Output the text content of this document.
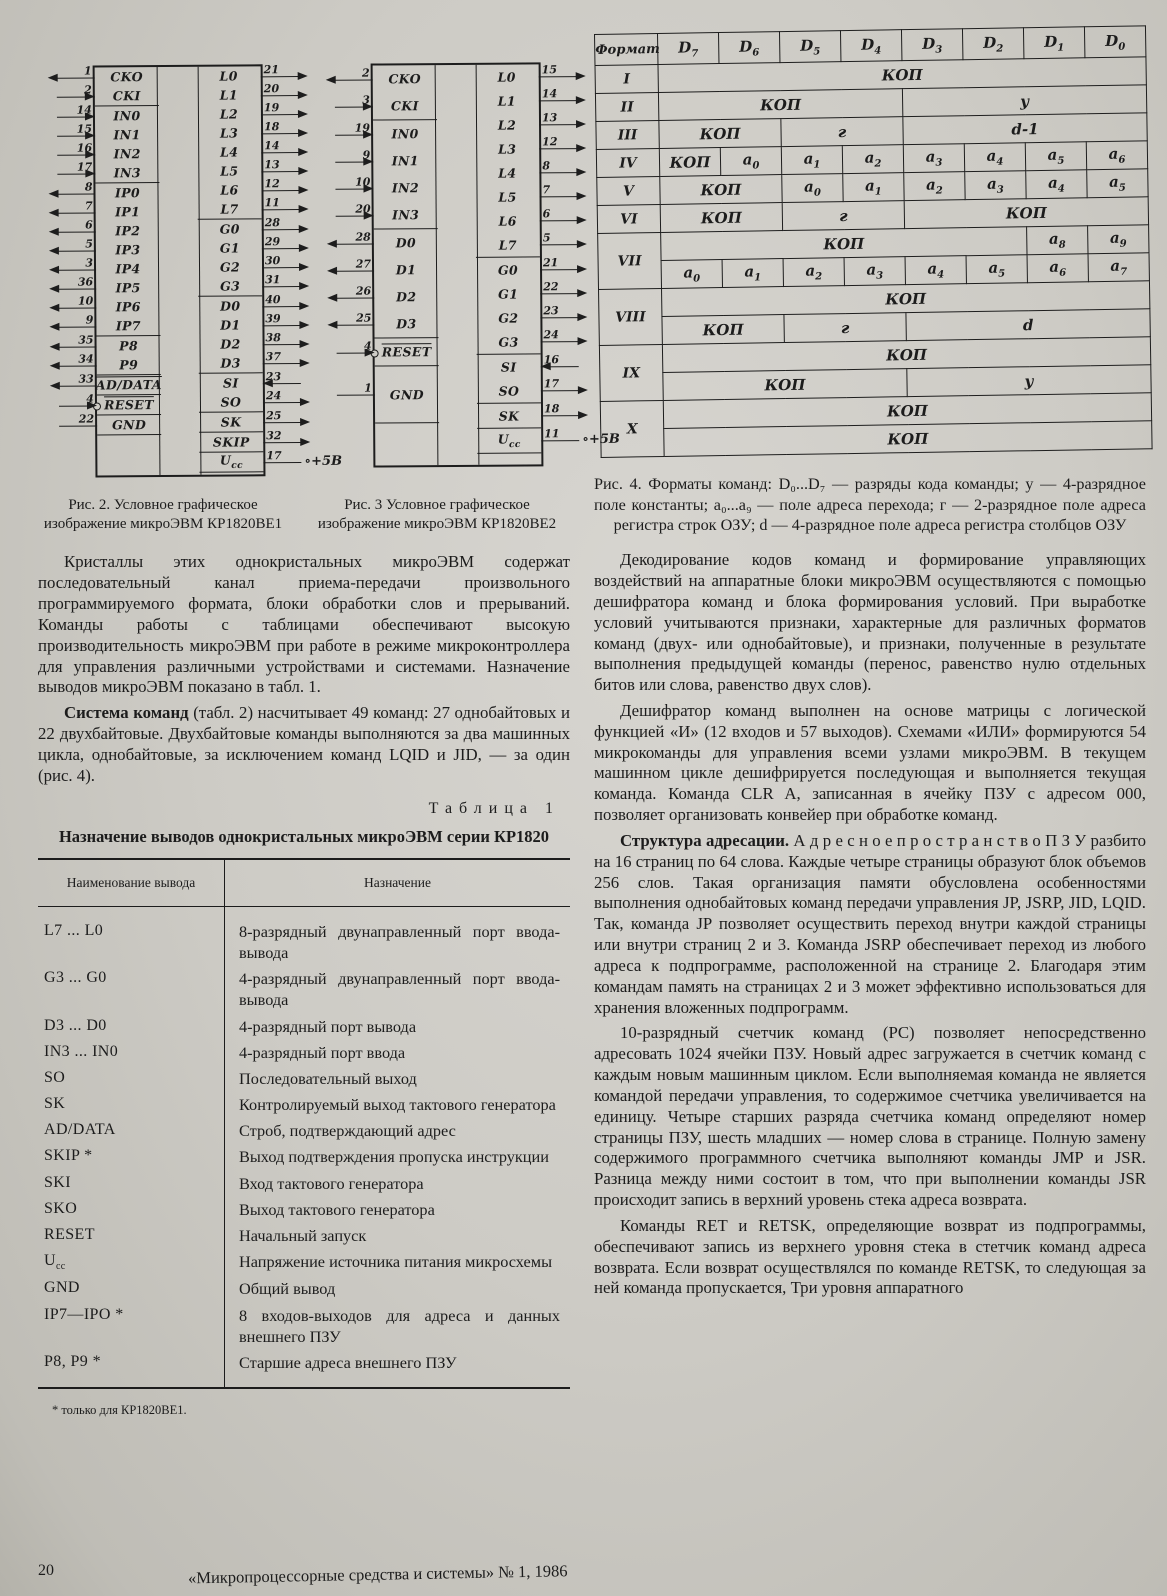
CKO
1
CKI
2
IN0
14
IN1
15
IN2
16
IN3
17
IP0
8
IP1
7
IP2
6
IP3
5
IP4
3
IP5
36
IP6
10
IP7
9
P8
35
P9
34
AD/DATA
33
RESET
4
GND
22
L0 21
L1 20
L2 19
L3 18
L4 14
L5 13
L6 12
L7 11
G0 28
G1 29
G2 30
G3 31
D0 40
D1 39
D2 38
D3 37
SI 23
SO 24
SK 25
SKIP 32
$U_{cc}$
17 ∘+5В
CKO
2
CKI
3
IN0
19
IN1
9
IN2
10
IN3
20
D0
28
D1
27
D2
26
D3
25
RESET
4
GND
1
L0 15
L1 14
L2 13
L3 12
L4 8
L5 7
L6 6
L7 5
G0 21
G1 22
G2 23
G3 24
SI 16
SO 17
SK 18
$U_{cc}$
11 ∘+5В
Рис. 2. Условное графическое изображение микроЭВМ КР1820ВЕ1
Рис. 3 Условное графическое изображение микроЭВМ КР1820ВЕ2

Кристаллы этих однокристальных микроЭВМ содержат последовательный канал приема-передачи произвольного программируемого формата, блоки обработки слов и прерываний. Команды работы с таблицами обеспечивают высокую производительность микроЭВМ при работе в режиме микроконтроллера для управления различными устройствами и системами. Назначение выводов микроЭВМ показано в табл. 1.

Система команд (табл. 2) насчитывает 49 команд: 27 однобайтовых и 22 двухбайтовые. Двухбайтовые команды выполняются за два машинных цикла, однобайтовые, за исключением команд LQID и JID, — за один (рис. 4).

Таблица 1
Назначение выводов однокристальных микроЭВМ серии КР1820
Наименование вывода	Назначение
L7 ... L0	8-разрядный двунаправленный порт ввода-вывода
G3 ... G0	4-разрядный двунаправленный порт ввода-вывода
D3 ... D0	4-разрядный порт вывода
IN3 ... IN0	4-разрядный порт ввода
SO	Последовательный выход
SK	Контролируемый выход тактового генератора
AD/DATA	Строб, подтверждающий адрес
SKIP *	Выход подтверждения пропуска инструкции
SKI	Вход тактового генератора
SKO	Выход тактового генератора
RESET	Начальный запуск
$U_{cc}$	Напряжение источника питания микросхемы
GND	Общий вывод
IP7—IPO *	8 входов-выходов для адреса и данных внешнего ПЗУ
P8, P9 *	Старшие адреса внешнего ПЗУ
* только для КР1820ВЕ1.
Формат	$D_7$	$D_6$	$D_5$	$D_4$	$D_3$	$D_2$	$D_1$	$D_0$
I	КОП							
II	КОП				у			
III	КОП		г		d-1			
IV	КОП	$a_0$	$a_1$	$a_2$	$a_3$	$a_4$	$a_5$	$a_6$
V	КОП		$a_0$	$a_1$	$a_2$	$a_3$	$a_4$	$a_5$
VI	КОП		г		КОП			
VII	КОП						$a_8$	$a_9$
	$a_0$	$a_1$	$a_2$	$a_3$	$a_4$	$a_5$	$a_6$	$a_7$
VIII	КОП							
	КОП		г		d			
IX	КОП							
	КОП				у			
X	КОП							
	КОП							
Рис. 4. Форматы команд: D₀...D₇ — разряды кода команды; у — 4-разрядное поле константы; a₀...a₉ — поле адреса перехода; г — 2-разрядное поле адреса регистра строк ОЗУ; d — 4-разрядное поле адреса регистра столбцов ОЗУ

Декодирование кодов команд и формирование управляющих воздействий на аппаратные блоки микроЭВМ осуществляются с помощью дешифратора команд и блока формирования условий. При выработке условий учитываются признаки, характерные для различных форматов команд (двух- или однобайтовые), и признаки, полученные в результате выполнения предыдущей команды (перенос, равенство нулю отдельных битов или слова, равенство двух слов).

Дешифратор команд выполнен на основе матрицы с логической функцией «И» (12 входов и 57 выходов). Схемами «ИЛИ» формируются 54 микрокоманды для управления всеми узлами микроЭВМ. В текущем машинном цикле дешифрируется последующая и выполняется текущая команда. Команда CLR A, записанная в ячейку ПЗУ с адресом 000, позволяет организовать конвейер при обработке команд.

Структура адресации. А д р е с н о е п р о с т р а н с т в о П З У разбито на 16 страниц по 64 слова. Каждые четыре страницы образуют блок объемов 256 слов. Такая организация памяти обусловлена особенностями выполнения однобайтовых команд передачи управления JP, JSRP, JID, LQID. Так, команда JP позволяет осуществить переход внутри каждой страницы или внутри страниц 2 и 3. Команда JSRP обеспечивает переход из любого адреса к подпрограмме, расположенной на странице 2. Благодаря этим командам память на страницах 2 и 3 может эффективно использоваться для хранения вложенных подпрограмм.

10-разрядный счетчик команд (PC) позволяет непосредственно адресовать 1024 ячейки ПЗУ. Новый адрес загружается в счетчик команд с каждым новым машинным циклом. Если выполняемая команда не является командой передачи управления, то содержимое счетчика увеличивается на единицу. Четыре старших разряда счетчика команд определяют номер страницы ПЗУ, шесть младших — номер слова в странице. Полную замену содержимого программного счетчика выполняют команды JMP и JSR. Разница между ними состоит в том, что при выполнении команды JSR происходит запись в верхний уровень стека адреса возврата.

Команды RET и RETSK, определяющие возврат из подпрограммы, обеспечивают запись из верхнего уровня стека в стетчик команд адреса возврата. Если возврат осуществлялся по команде RETSK, то следующая за ней команда пропускается, Три уровня аппаратного

20	«Микропроцессорные средства и системы» № 1, 1986
